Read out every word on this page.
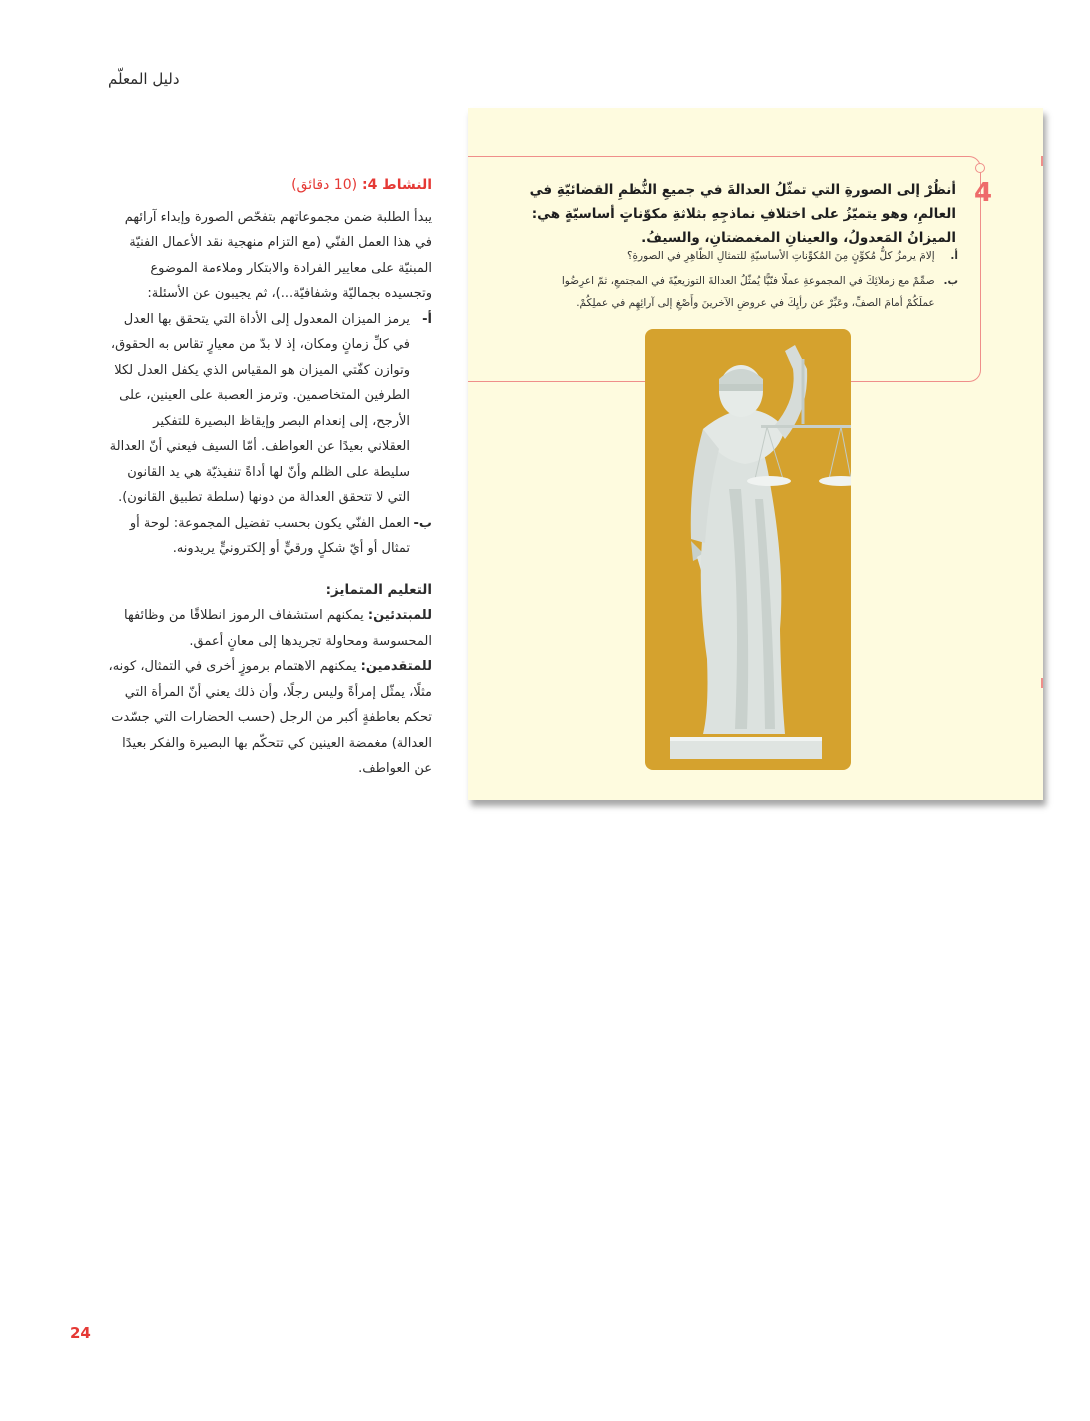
دليل المعلّم
النشاط 4: (10 دقائق)
يبدأ الطلبة ضمن مجموعاتهم بتفحّص الصورة وإبداء آرائهم في هذا العمل الفنّي (مع التزام منهجية نقد الأعمال الفنيّة المبنيّة على معايير الفرادة والابتكار وملاءمة الموضوع وتجسيده بجماليّة وشفافيّة...)، ثم يجيبون عن الأسئلة:
أ-
يرمز الميزان المعدول إلى الأداة التي يتحقق بها العدل في كلِّ زمانٍ ومكان، إذ لا بدّ من معيارٍ تقاس به الحقوق، وتوازن كفّتي الميزان هو المقياس الذي يكفل العدل لكلا الطرفين المتخاصمين. وترمز العصبة على العينين، على الأرجح، إلى إنعدام البصر وإيقاظ البصيرة للتفكير العقلاني بعيدًا عن العواطف. أمّا السيف فيعني أنّ العدالة سليطة على الظلم وأنّ لها أداةً تنفيذيّة هي يد القانون التي لا تتحقق العدالة من دونها (سلطة تطبيق القانون).
ب-
العمل الفنّي يكون بحسب تفضيل المجموعة: لوحة أو تمثال أو أيّ شكلٍ ورقيٍّ أو إلكترونيٍّ يريدونه.
التعليم المتمايز:
للمبتدئين: يمكنهم استشفاف الرموز انطلاقًا من وظائفها المحسوسة ومحاولة تجريدها إلى معانٍ أعمق.
للمتقدمين: يمكنهم الاهتمام برموزٍ أخرى في التمثال، كونه، مثلًا، يمثّل إمرأةً وليس رجلًا، وأن ذلك يعني أنّ المرأة التي تحكم بعاطفةٍ أكبر من الرجل (حسب الحضارات التي جسّدت العدالة) مغمضة العينين كي تتحكّم بها البصيرة والفكر بعيدًا عن العواطف.
4
أنظُرْ إلى الصورةِ التي تمثّلُ العدالةَ في جميعِ النُّظمِ القضائيّةِ في العالمِ، وهو يتميّزُ على اختلافِ نماذجِهِ بثلاثةِ مكوّناتٍ أساسيّةٍ هي: الميزانُ المَعدولُ، والعينانِ المغمضتانِ، والسيفُ.
أ. إلامَ يرمزُ كلُّ مُكوِّنٍ مِنَ المُكوِّناتِ الأساسيّةِ للتمثالِ الظّاهِرِ في الصورةِ؟
ب. صمِّمْ مع زملائِكَ في المجموعةِ عملًا فنّيًّا يُمثّلُ العدالةَ التوزيعيّةَ في المجتمعِ، ثمّ اعرِضُوا عملَكُمْ أمامَ الصفِّ، وعَبِّرْ عن رأيِكَ في عروضِ الآخرينَ وأَصْغِ إلى آرائِهِم في عملِكُمْ.
24
